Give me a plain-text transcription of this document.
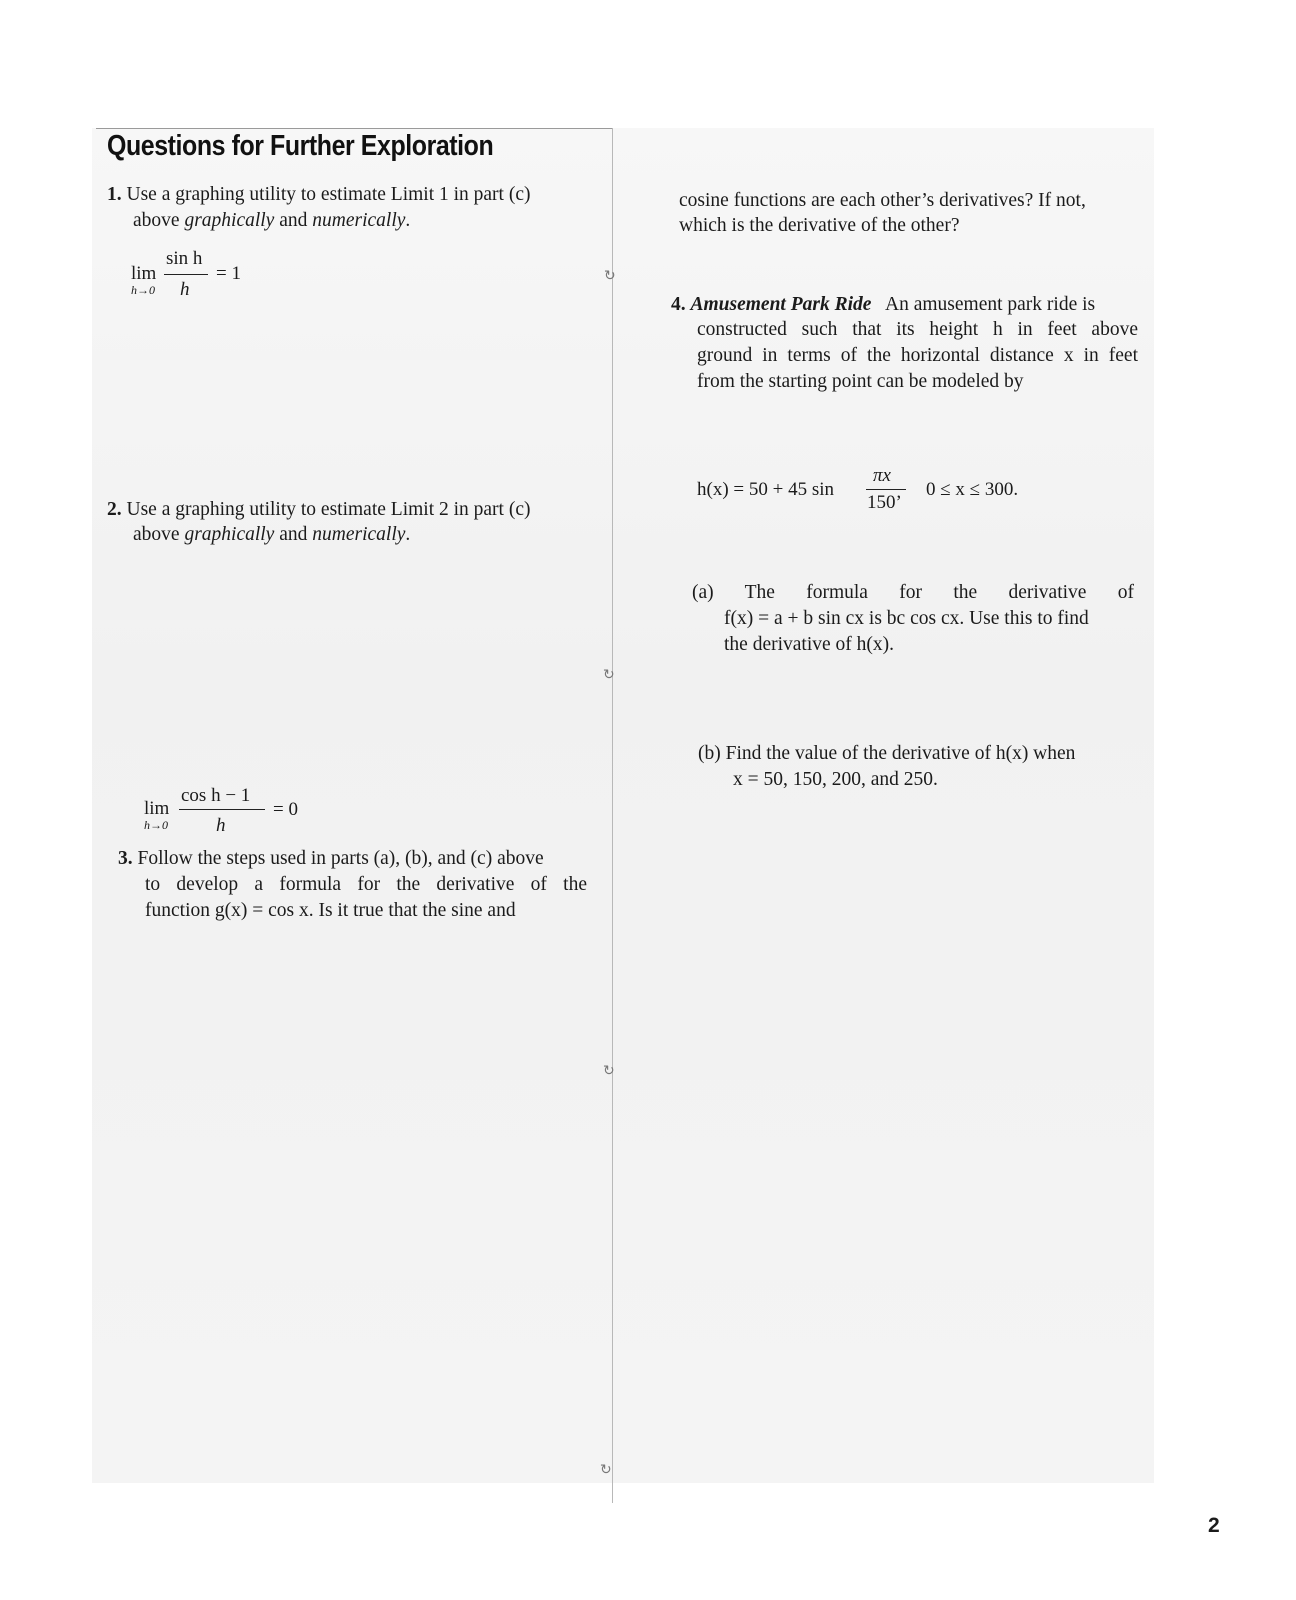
Questions for Further Exploration
1. Use a graphing utility to estimate Limit 1 in part (c)
above graphically and numerically.
lim
h→0
sin h
h
= 1
2. Use a graphing utility to estimate Limit 2 in part (c)
above graphically and numerically.
lim
h→0
cos h − 1
h
= 0
3. Follow the steps used in parts (a), (b), and (c) above
to develop a formula for the derivative of the
function g(x) = cos x. Is it true that the sine and
cosine functions are each other’s derivatives? If not,
which is the derivative of the other?
4. Amusement Park Ride An amusement park ride is
constructed such that its height h in feet above
ground in terms of the horizontal distance x in feet
from the starting point can be modeled by
h(x) = 50 + 45 sin
πx
150’
0 ≤ x ≤ 300.
(a) The formula for the derivative of
f(x) = a + b sin cx is bc cos cx. Use this to find
the derivative of h(x).
(b) Find the value of the derivative of h(x) when
x = 50, 150, 200, and 250.
↻
↻
↻
↻
2
